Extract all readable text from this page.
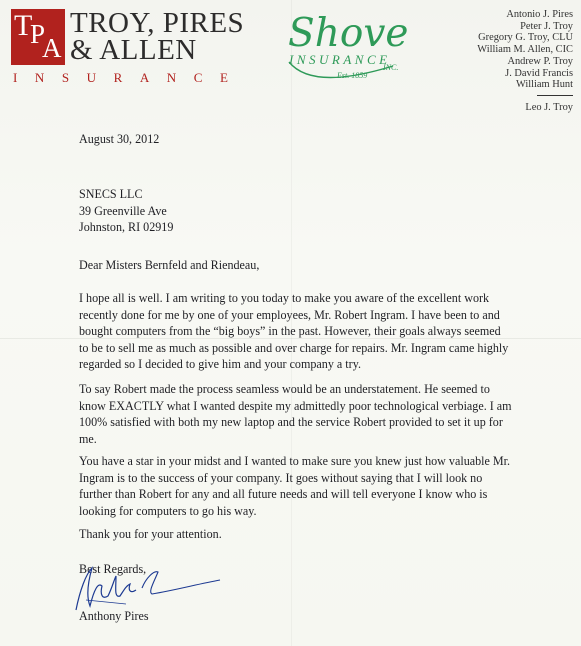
T
P
A
TROY, PIRES
& ALLEN
I N S U R A N C E
Shove
INSURANCE
INC.
Est. 1859
Antonio J. Pires
Peter J. Troy
Gregory G. Troy, CLU
William M. Allen, CIC
Andrew P. Troy
J. David Francis
William Hunt
Leo J. Troy
August 30, 2012
SNECS LLC
39 Greenville Ave
Johnston, RI 02919
Dear Misters Bernfeld and Riendeau,
I hope all is well. I am writing to you today to make you aware of the excellent work
recently done for me by one of your employees, Mr. Robert Ingram. I have been to and
bought computers from the “big boys” in the past. However, their goals always seemed
to be to sell me as much as possible and over charge for repairs. Mr. Ingram came highly
regarded so I decided to give him and your company a try.
To say Robert made the process seamless would be an understatement. He seemed to
know EXACTLY what I wanted despite my admittedly poor technological verbiage. I am
100% satisfied with both my new laptop and the service Robert provided to set it up for
me.
You have a star in your midst and I wanted to make sure you knew just how valuable Mr.
Ingram is to the success of your company. It goes without saying that I will look no
further than Robert for any and all future needs and will tell everyone I know who is
looking for computers to go his way.
Thank you for your attention.
Best Regards,
Anthony Pires
